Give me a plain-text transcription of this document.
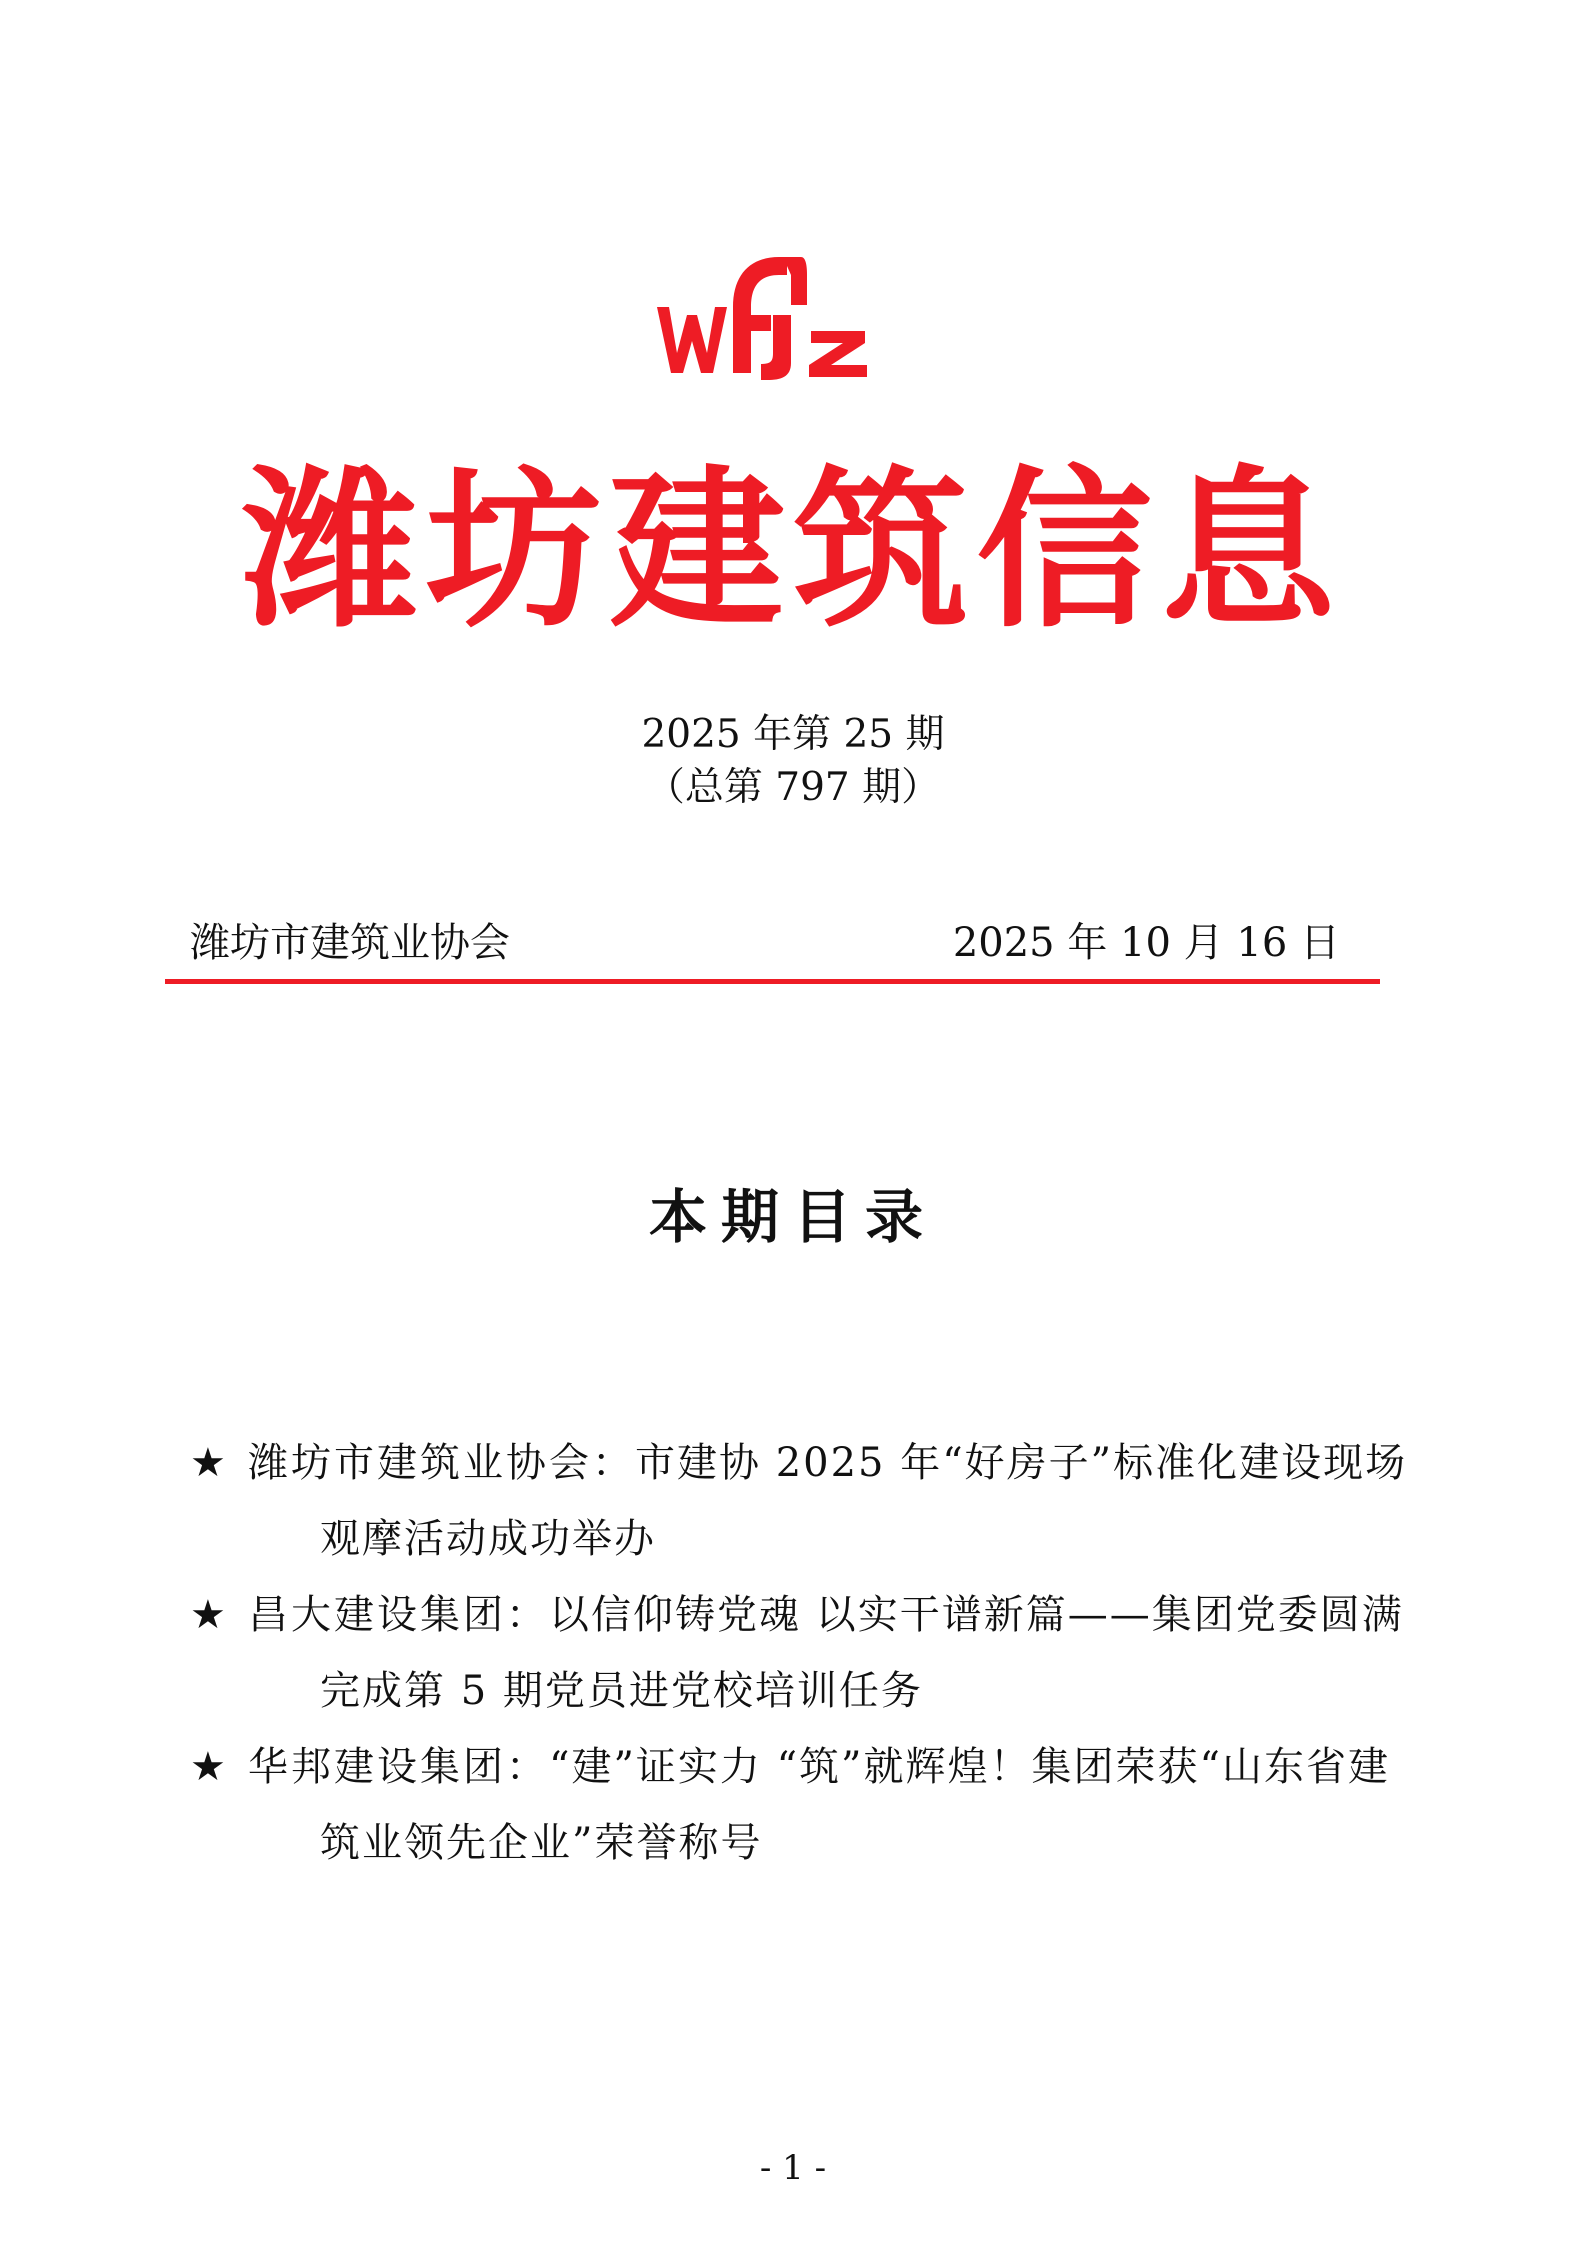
潍坊建筑信息
2025 年第 25 期
（总第 797 期）
潍坊市建筑业协会	2025 年 10 月 16 日
本期目录
★ 潍坊市建筑业协会：市建协 2025 年“好房子”标准化建设现场观摩活动成功举办
★ 昌大建设集团：以信仰铸党魂 以实干谱新篇——集团党委圆满完成第 5 期党员进党校培训任务
★ 华邦建设集团：“建”证实力 “筑”就辉煌！集团荣获“山东省建筑业领先企业”荣誉称号
- 1 -
